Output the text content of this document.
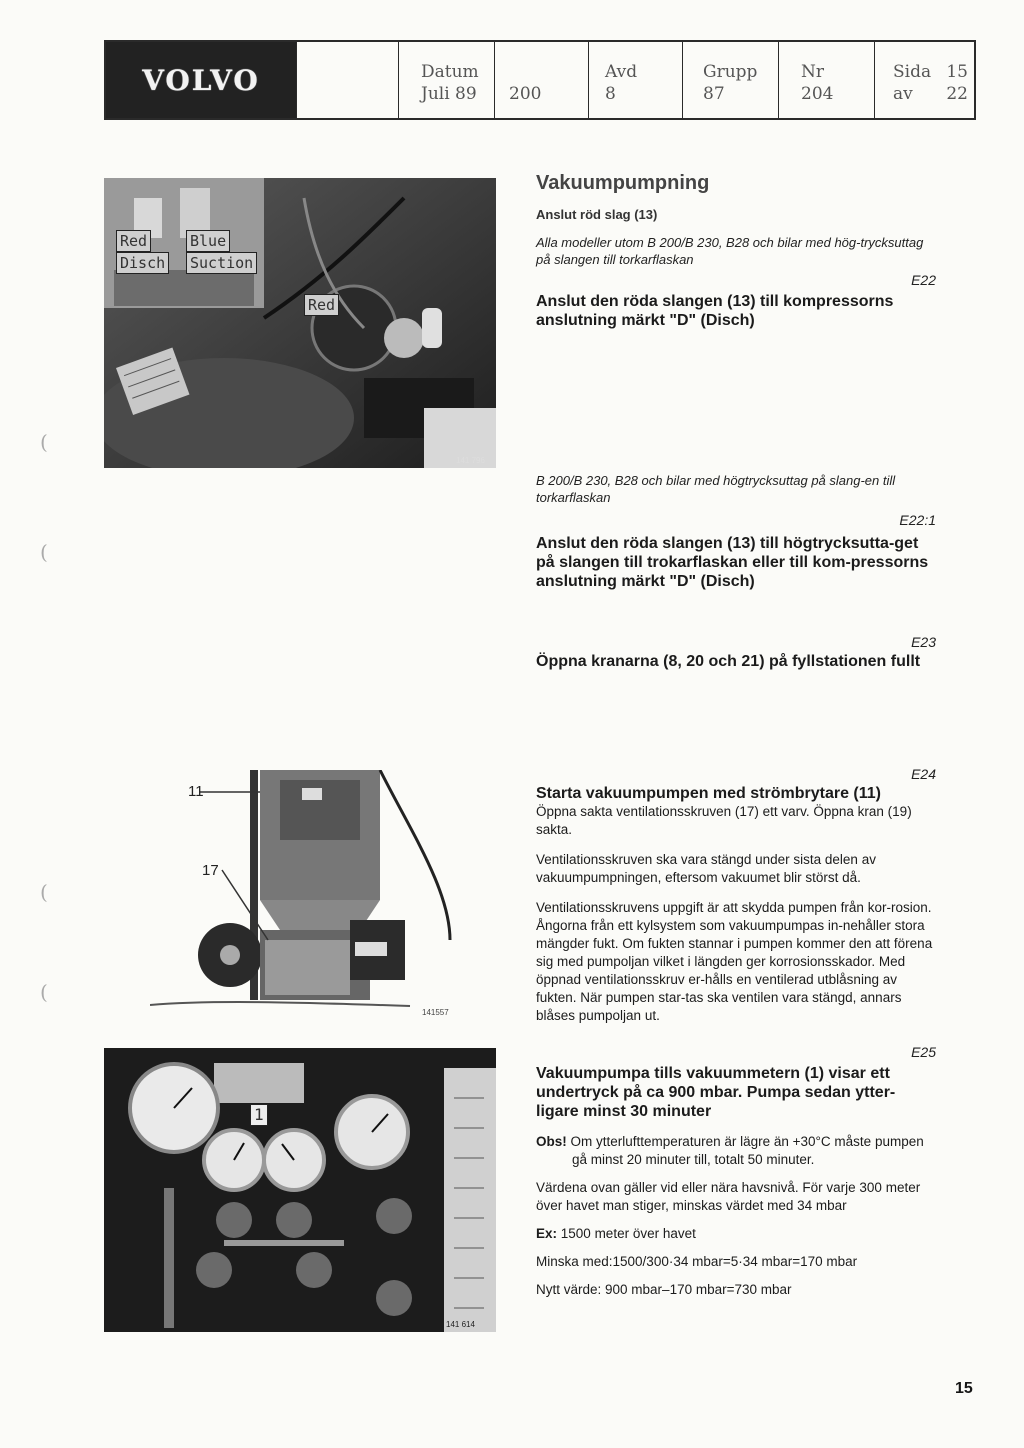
VOLVO	Datum
Juli 89 200
Avd
8
Grupp
87
Nr
204
Sida 15
av 22
Red	Blue
Disch Suction
Red
141 796
11
17
141557
1
141 614
(
(
(
(
Vakuumpumpning
Anslut röd slag (13)
Alla modeller utom B 200/B 230, B28 och bilar med hög-trycksuttag på slangen till torkarflaskan
E22
Anslut den röda slangen (13) till kompressorns anslutning märkt "D" (Disch)
B 200/B 230, B28 och bilar med högtrycksuttag på slang-en till torkarflaskan
E22:1
Anslut den röda slangen (13) till högtrycksutta-get på slangen till trokarflaskan eller till kom-pressorns anslutning märkt "D" (Disch)
E23
Öppna kranarna (8, 20 och 21) på fyllstationen fullt
E24
Starta vakuumpumpen med strömbrytare (11)
Öppna sakta ventilationsskruven (17) ett varv. Öppna kran (19) sakta.
Ventilationsskruven ska vara stängd under sista delen av vakuumpumpningen, eftersom vakuumet blir störst då.
Ventilationsskruvens uppgift är att skydda pumpen från kor-rosion. Ångorna från ett kylsystem som vakuumpumpas in-nehåller stora mängder fukt. Om fukten stannar i pumpen kommer den att förena sig med pumpoljan vilket i längden ger korrosionsskador. Med öppnad ventilationsskruv er-hålls en ventilerad utblåsning av fukten. När pumpen star-tas ska ventilen vara stängd, annars blåses pumpoljan ut.
E25
Vakuumpumpa tills vakuummetern (1) visar ett undertryck på ca 900 mbar. Pumpa sedan ytter-ligare minst 30 minuter
Obs! Om ytterlufttemperaturen är lägre än +30°C måste pumpen gå minst 20 minuter till, totalt 50 minuter.
Värdena ovan gäller vid eller nära havsnivå. För varje 300 meter över havet man stiger, minskas värdet med 34 mbar
Ex: 1500 meter över havet
Minska med:1500/300·34 mbar=5·34 mbar=170 mbar
Nytt värde: 900 mbar–170 mbar=730 mbar
15
